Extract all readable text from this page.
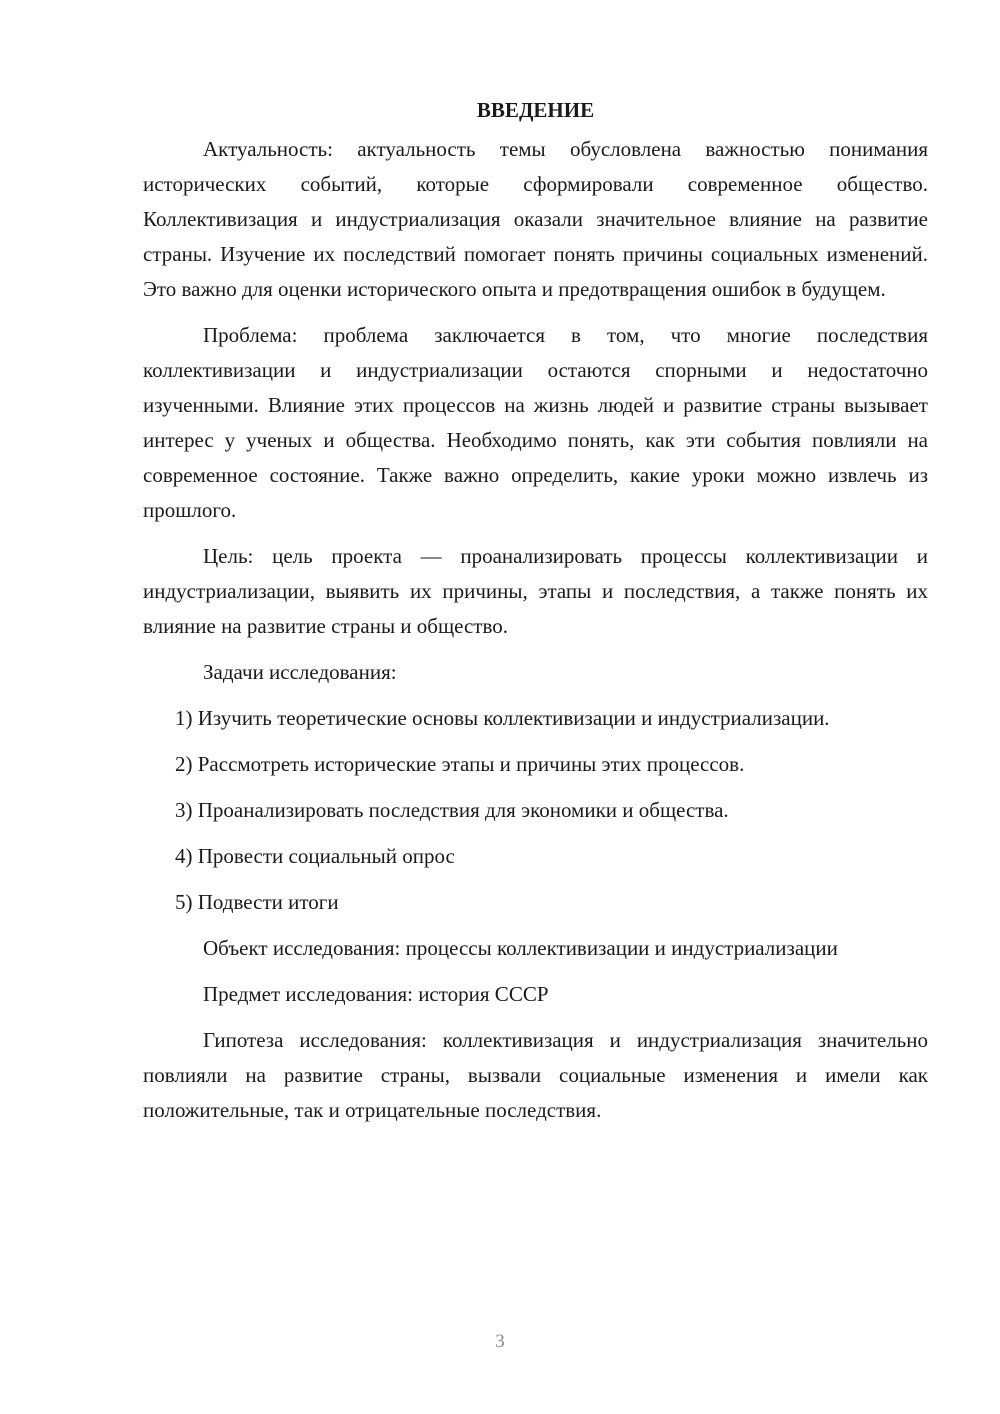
ВВЕДЕНИЕ

Актуальность: актуальность темы обусловлена важностью понимания исторических событий, которые сформировали современное общество. Коллективизация и индустриализация оказали значительное влияние на развитие страны. Изучение их последствий помогает понять причины социальных изменений. Это важно для оценки исторического опыта и предотвращения ошибок в будущем.

Проблема: проблема заключается в том, что многие последствия коллективизации и индустриализации остаются спорными и недостаточно изученными. Влияние этих процессов на жизнь людей и развитие страны вызывает интерес у ученых и общества. Необходимо понять, как эти события повлияли на современное состояние. Также важно определить, какие уроки можно извлечь из прошлого.

Цель: цель проекта — проанализировать процессы коллективизации и индустриализации, выявить их причины, этапы и последствия, а также понять их влияние на развитие страны и общество.

Задачи исследования:

1) Изучить теоретические основы коллективизации и индустриализации.

2) Рассмотреть исторические этапы и причины этих процессов.

3) Проанализировать последствия для экономики и общества.

4) Провести социальный опрос

5) Подвести итоги

Объект исследования: процессы коллективизации и индустриализации

Предмет исследования: история СССР

Гипотеза исследования: коллективизация и индустриализация значительно повлияли на развитие страны, вызвали социальные изменения и имели как положительные, так и отрицательные последствия.

3
